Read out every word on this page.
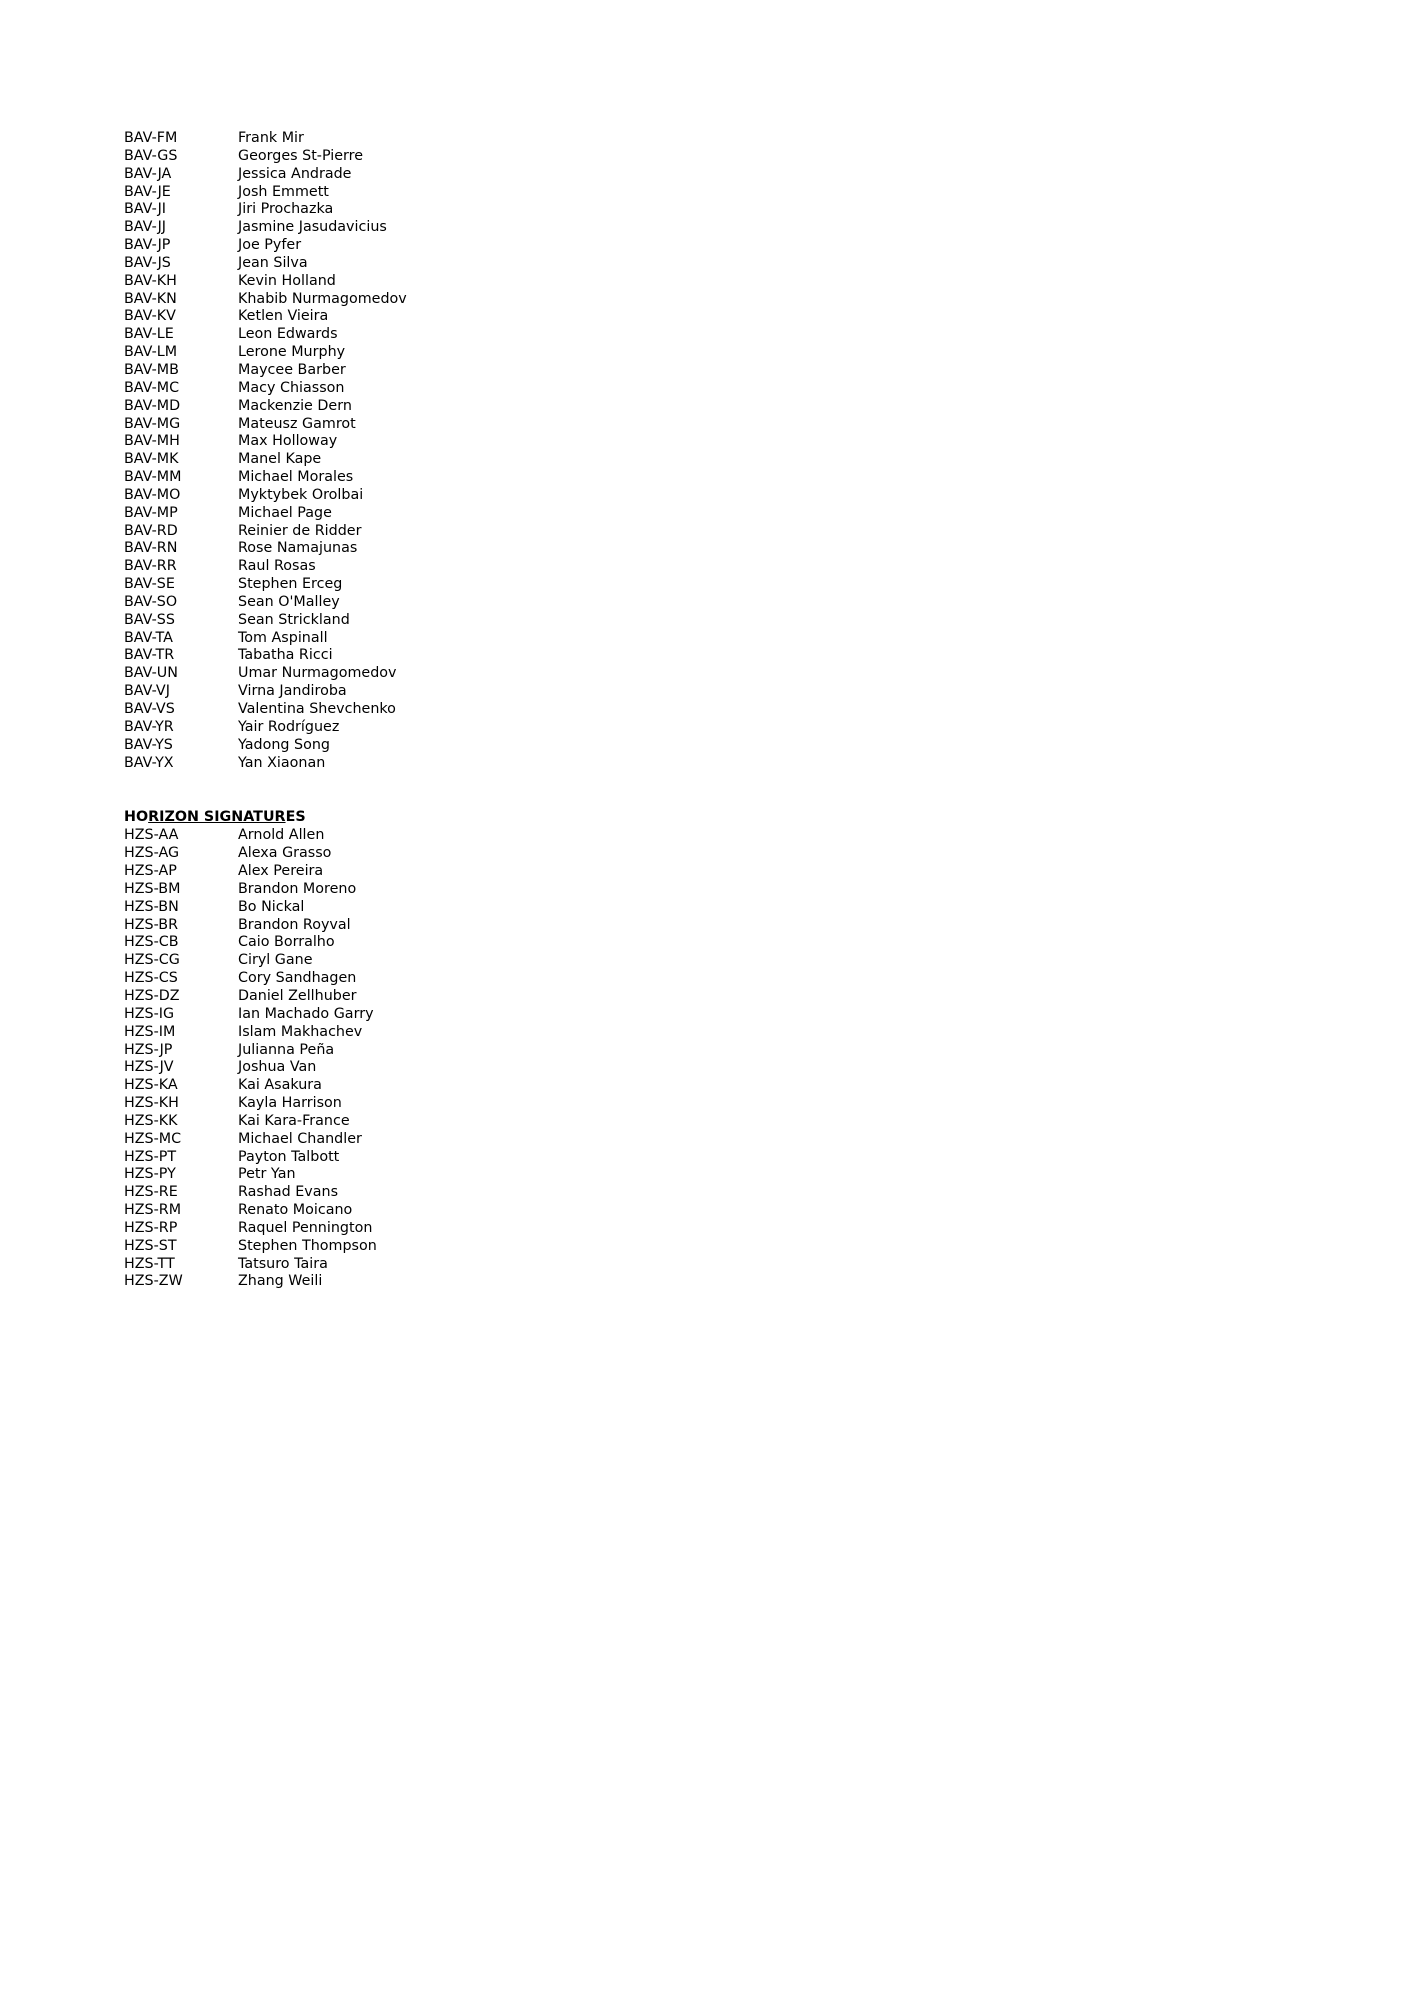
BAV-FM	Frank Mir
BAV-GS	Georges St-Pierre
BAV-JA	Jessica Andrade
BAV-JE	Josh Emmett
BAV-JI	Jiri Prochazka
BAV-JJ	Jasmine Jasudavicius
BAV-JP	Joe Pyfer
BAV-JS	Jean Silva
BAV-KH	Kevin Holland
BAV-KN	Khabib Nurmagomedov
BAV-KV	Ketlen Vieira
BAV-LE	Leon Edwards
BAV-LM	Lerone Murphy
BAV-MB	Maycee Barber
BAV-MC	Macy Chiasson
BAV-MD	Mackenzie Dern
BAV-MG	Mateusz Gamrot
BAV-MH	Max Holloway
BAV-MK	Manel Kape
BAV-MM	Michael Morales
BAV-MO	Myktybek Orolbai
BAV-MP	Michael Page
BAV-RD	Reinier de Ridder
BAV-RN	Rose Namajunas
BAV-RR	Raul Rosas
BAV-SE	Stephen Erceg
BAV-SO	Sean O'Malley
BAV-SS	Sean Strickland
BAV-TA	Tom Aspinall
BAV-TR	Tabatha Ricci
BAV-UN	Umar Nurmagomedov
BAV-VJ	Virna Jandiroba
BAV-VS	Valentina Shevchenko
BAV-YR	Yair Rodríguez
BAV-YS	Yadong Song
BAV-YX	Yan Xiaonan
HORIZON SIGNATURES
HZS-AA	Arnold Allen
HZS-AG	Alexa Grasso
HZS-AP	Alex Pereira
HZS-BM	Brandon Moreno
HZS-BN	Bo Nickal
HZS-BR	Brandon Royval
HZS-CB	Caio Borralho
HZS-CG	Ciryl Gane
HZS-CS	Cory Sandhagen
HZS-DZ	Daniel Zellhuber
HZS-IG	Ian Machado Garry
HZS-IM	Islam Makhachev
HZS-JP	Julianna Peña
HZS-JV	Joshua Van
HZS-KA	Kai Asakura
HZS-KH	Kayla Harrison
HZS-KK	Kai Kara-France
HZS-MC	Michael Chandler
HZS-PT	Payton Talbott
HZS-PY	Petr Yan
HZS-RE	Rashad Evans
HZS-RM	Renato Moicano
HZS-RP	Raquel Pennington
HZS-ST	Stephen Thompson
HZS-TT	Tatsuro Taira
HZS-ZW	Zhang Weili
